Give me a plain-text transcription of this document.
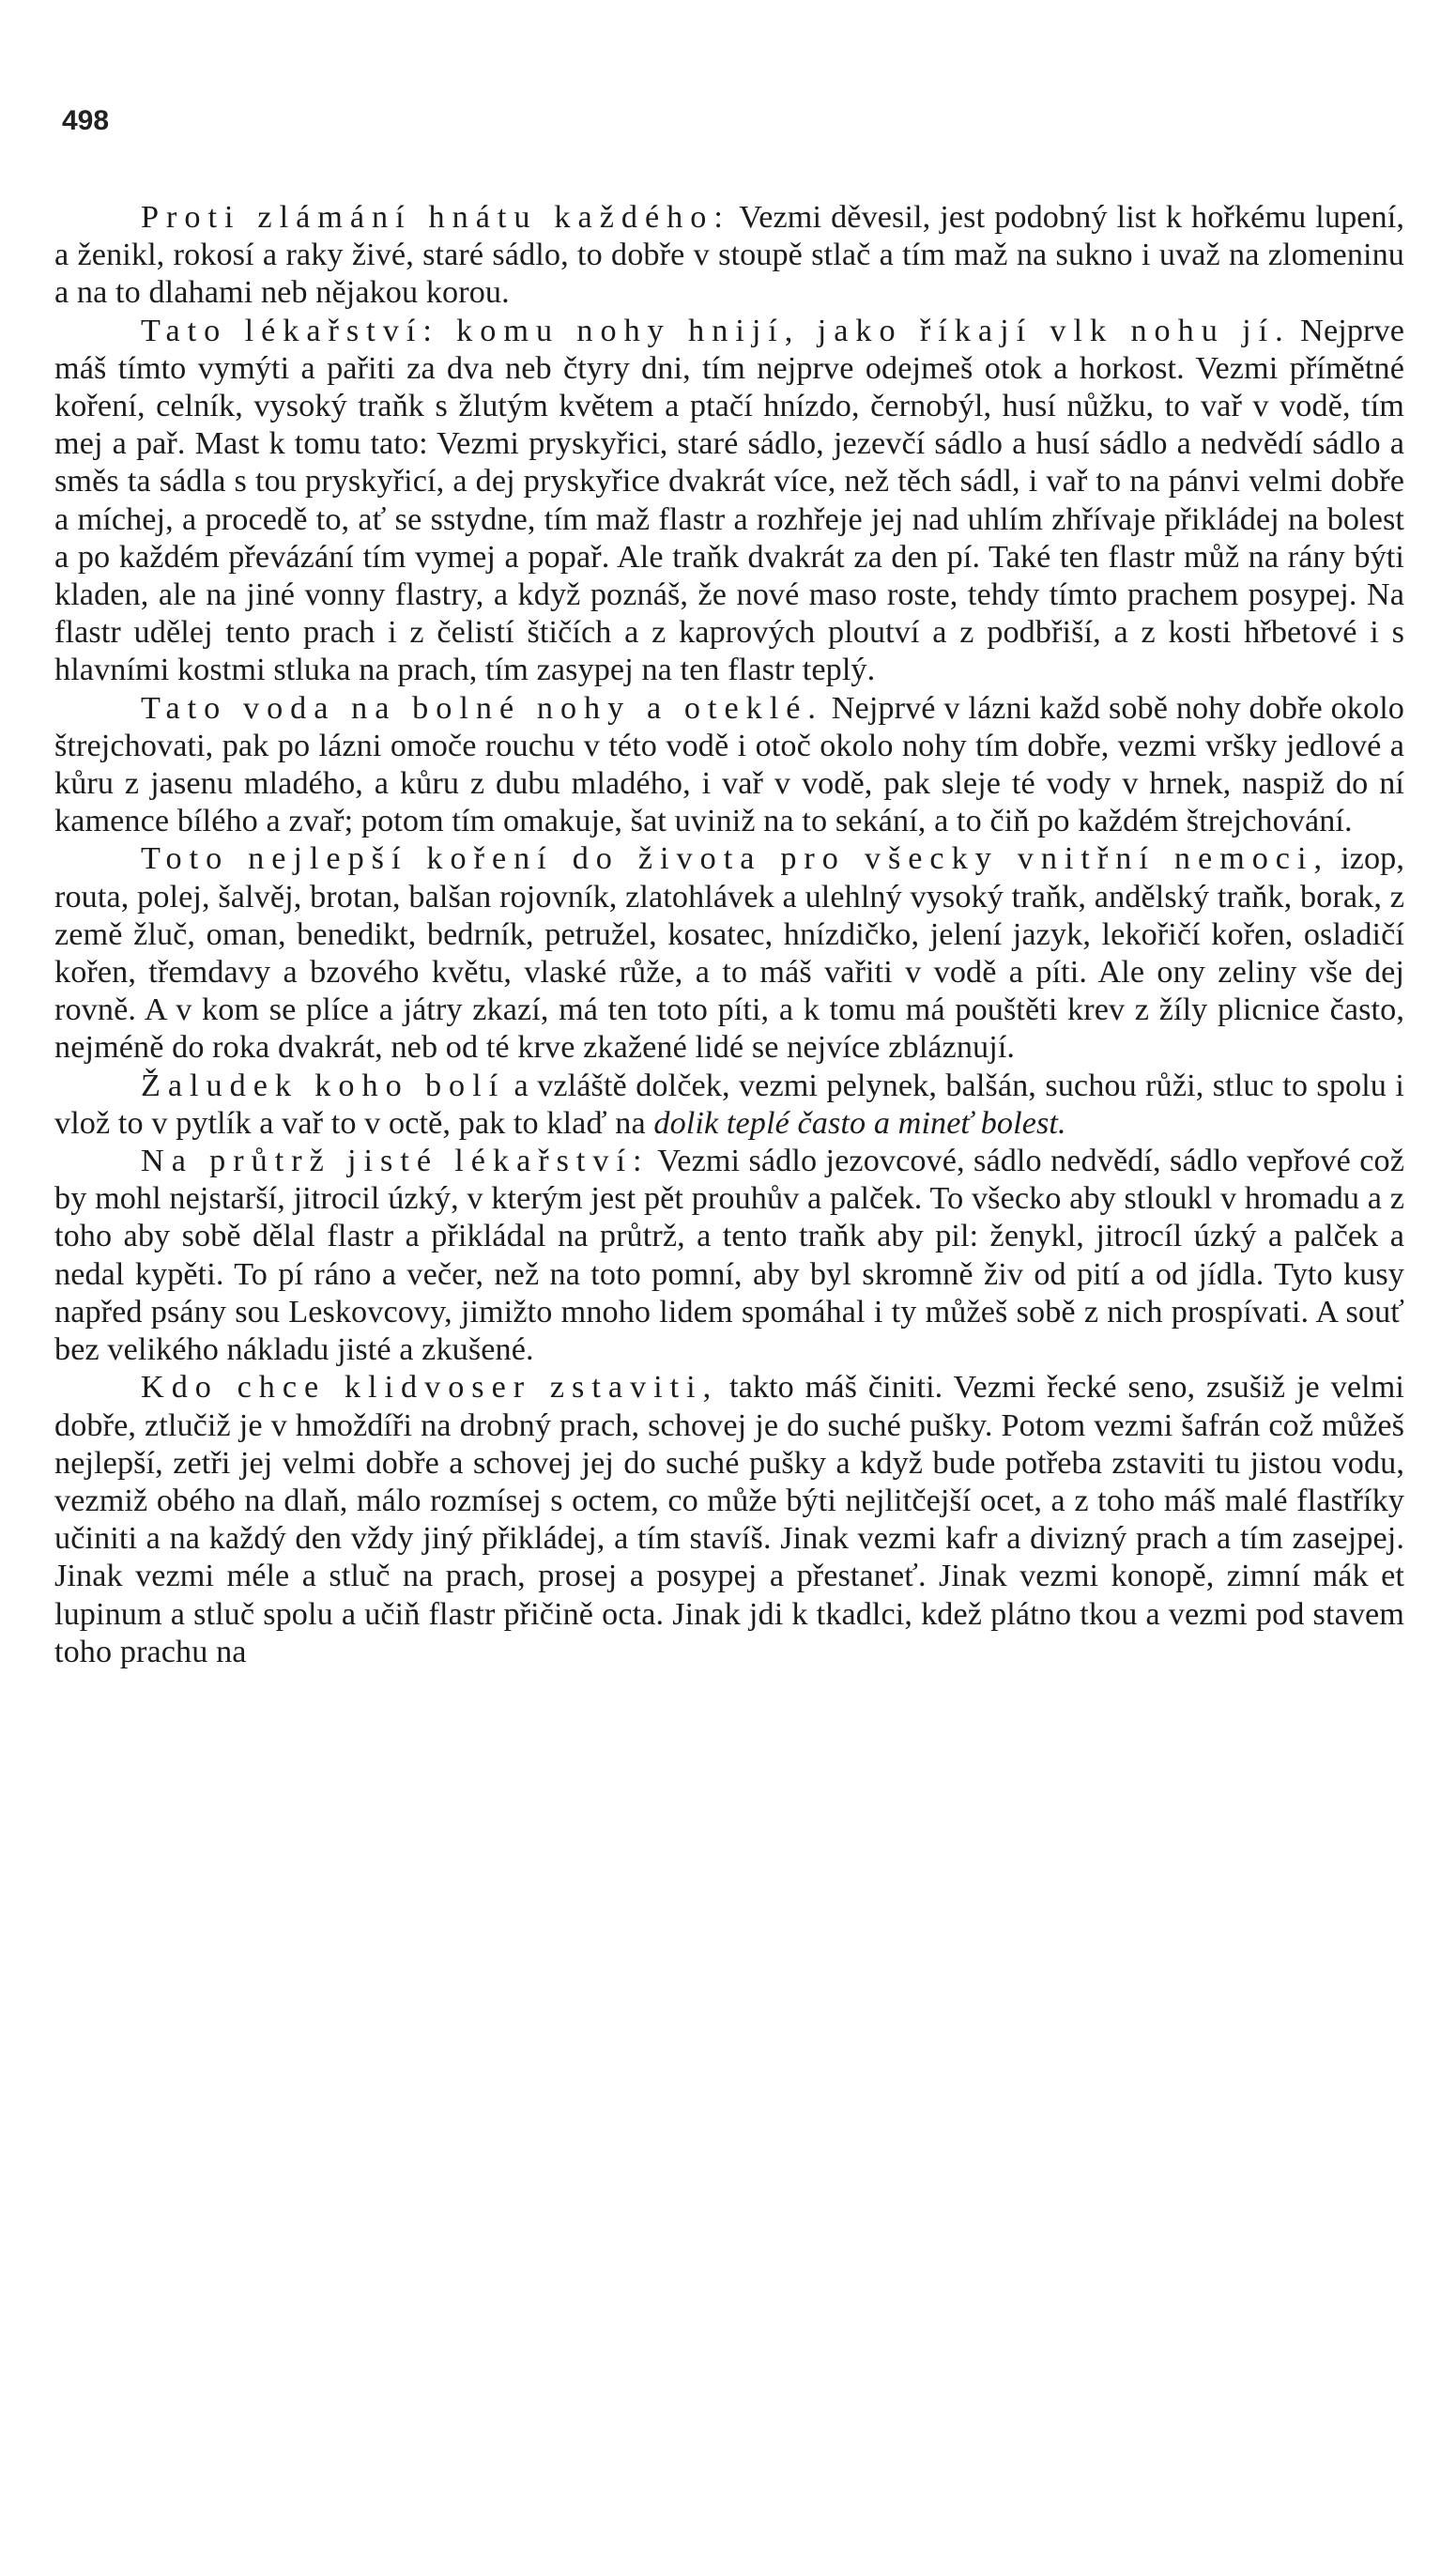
498

Proti zlámání hnátu každého: Vezmi děvesil, jest podobný list k hořkému lupení, a ženikl, rokosí a raky živé, staré sádlo, to dobře v stoupě stlač a tím maž na sukno i uvaž na zlomeninu a na to dlahami neb nějakou korou.

Tato lékařství: komu nohy hnijí, jako říkají vlk nohu jí. Nejprve máš tímto vymýti a pařiti za dva neb čtyry dni, tím nejprve odejmeš otok a horkost. Vezmi přímětné koření, celník, vysoký traňk s žlutým květem a ptačí hnízdo, černobýl, husí nůžku, to vař v vodě, tím mej a pař. Mast k tomu tato: Vezmi pryskyřici, staré sádlo, jezevčí sádlo a husí sádlo a nedvědí sádlo a směs ta sádla s tou pryskyřicí, a dej pryskyřice dvakrát více, než těch sádl, i vař to na pánvi velmi dobře a míchej, a procedě to, ať se sstydne, tím maž flastr a rozhřeje jej nad uhlím zhřívaje přikládej na bolest a po každém převázání tím vymej a popař. Ale traňk dvakrát za den pí. Také ten flastr můž na rány býti kladen, ale na jiné vonny flastry, a když poznáš, že nové maso roste, tehdy tímto prachem posypej. Na flastr udělej tento prach i z čelistí štičích a z kaprových ploutví a z podbřiší, a z kosti hřbetové i s hlavními kostmi stluka na prach, tím zasypej na ten flastr teplý.

Tato voda na bolné nohy a oteklé. Nejprvé v lázni každ sobě nohy dobře okolo štrejchovati, pak po lázni omoče rouchu v této vodě i otoč okolo nohy tím dobře, vezmi vršky jedlové a kůru z jasenu mladého, a kůru z dubu mladého, i vař v vodě, pak sleje té vody v hrnek, naspiž do ní kamence bílého a zvař; potom tím omakuje, šat uviniž na to sekání, a to čiň po každém štrejchování.

Toto nejlepší koření do života pro všecky vnitřní nemoci, izop, routa, polej, šalvěj, brotan, balšan rojovník, zlatohlávek a ulehlný vysoký traňk, andělský traňk, borak, z země žluč, oman, benedikt, bedrník, petružel, kosatec, hnízdičko, jelení jazyk, lekořičí kořen, osladičí kořen, třemdavy a bzového květu, vlaské růže, a to máš vařiti v vodě a píti. Ale ony zeliny vše dej rovně. A v kom se plíce a játry zkazí, má ten toto píti, a k tomu má pouštěti krev z žíly plicnice často, nejméně do roka dvakrát, neb od té krve zkažené lidé se nejvíce zbláznují.

Žaludek koho bolí a vzláště dolček, vezmi pelynek, balšán, suchou růži, stluc to spolu i vlož to v pytlík a vař to v octě, pak to klaď na dolik teplé často a mineť bolest.

Na průtrž jisté lékařství: Vezmi sádlo jezovcové, sádlo nedvědí, sádlo vepřové což by mohl nejstarší, jitrocil úzký, v kterým jest pět prouhův a palček. To všecko aby stloukl v hromadu a z toho aby sobě dělal flastr a přikládal na průtrž, a tento traňk aby pil: ženykl, jitrocíl úzký a palček a nedal kypěti. To pí ráno a večer, než na toto pomní, aby byl skromně živ od pití a od jídla. Tyto kusy napřed psány sou Leskovcovy, jimižto mnoho lidem spomáhal i ty můžeš sobě z nich prospívati. A souť bez velikého nákladu jisté a zkušené.

Kdo chce klidvoser zstaviti, takto máš činiti. Vezmi řecké seno, zsušiž je velmi dobře, ztlučiž je v hmoždíři na drobný prach, schovej je do suché pušky. Potom vezmi šafrán což můžeš nejlepší, zetři jej velmi dobře a schovej jej do suché pušky a když bude potřeba zstaviti tu jistou vodu, vezmiž obého na dlaň, málo rozmísej s octem, co může býti nejlitčejší ocet, a z toho máš malé flastříky učiniti a na každý den vždy jiný přikládej, a tím stavíš. Jinak vezmi kafr a divizný prach a tím zasejpej. Jinak vezmi méle a stluč na prach, prosej a posypej a přestaneť. Jinak vezmi konopě, zimní mák et lupinum a stluč spolu a učiň flastr přičině octa. Jinak jdi k tkadlci, kdež plátno tkou a vezmi pod stavem toho prachu na
